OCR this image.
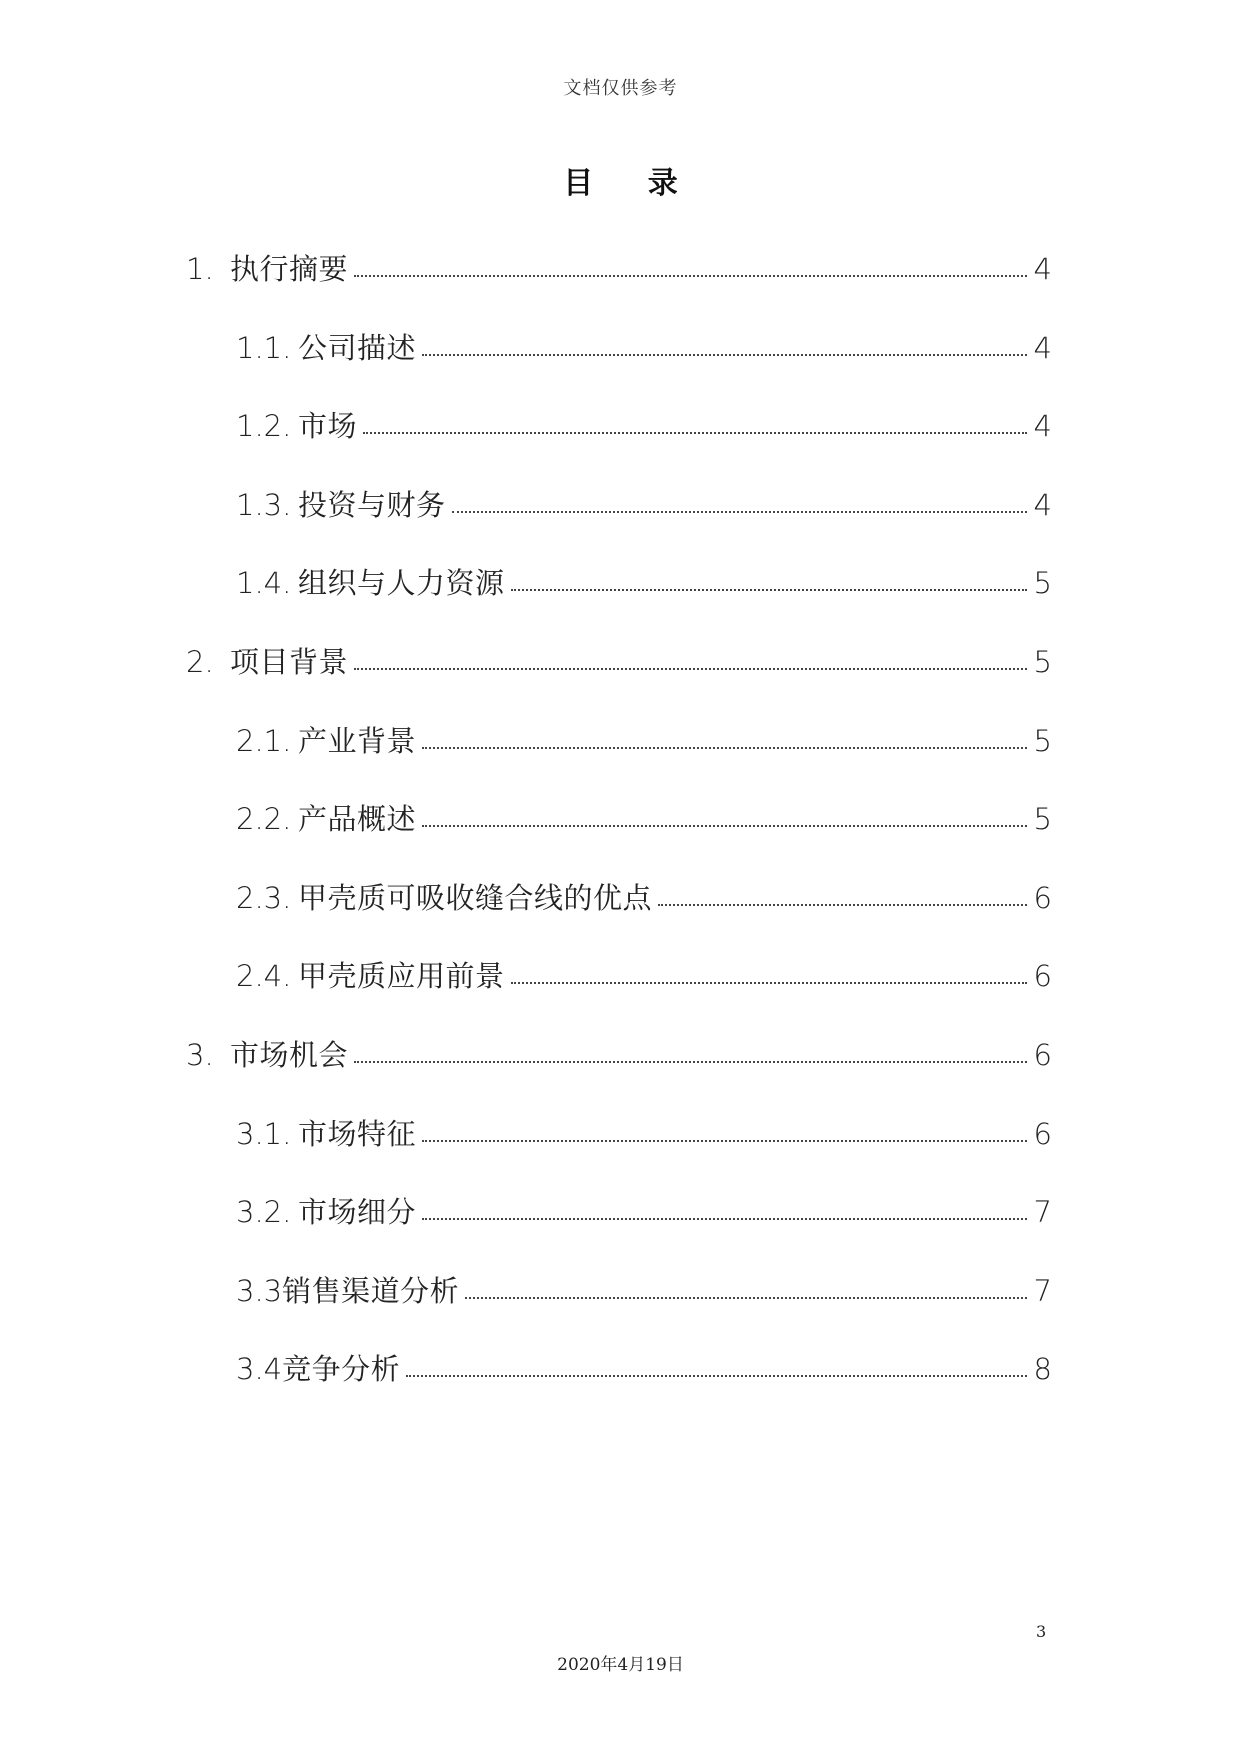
文档仅供参考
目 录
1. 执行摘要	4
1.1. 公司描述	4
1.2. 市场	4
1.3. 投资与财务	4
1.4. 组织与人力资源	5
2. 项目背景	5
2.1. 产业背景	5
2.2. 产品概述	5
2.3. 甲壳质可吸收缝合线的优点	6
2.4. 甲壳质应用前景	6
3. 市场机会	6
3.1. 市场特征	6
3.2. 市场细分	7
3.3 销售渠道分析	7
3.4 竞争分析	8
3
2020年4月19日
